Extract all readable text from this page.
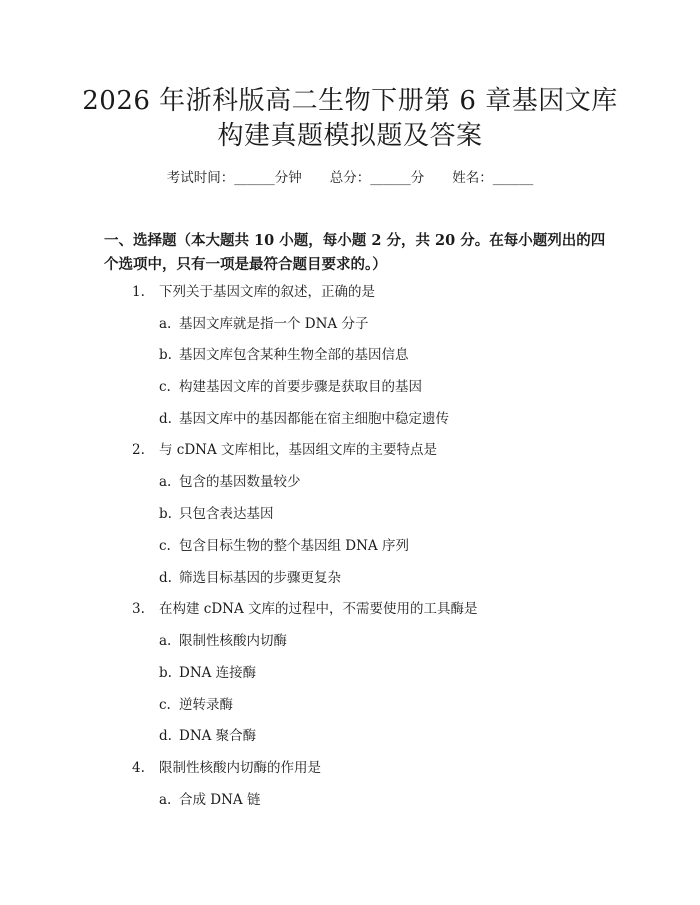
2026 年浙科版高二生物下册第 6 章基因文库
构建真题模拟题及答案
考试时间：______分钟 总分：______分 姓名：______
一、选择题（本大题共 10 小题，每小题 2 分，共 20 分。在每小题列出的四个选项中，只有一项是最符合题目要求的。）
1. 下列关于基因文库的叙述，正确的是
a. 基因文库就是指一个 DNA 分子
b. 基因文库包含某种生物全部的基因信息
c. 构建基因文库的首要步骤是获取目的基因
d. 基因文库中的基因都能在宿主细胞中稳定遗传
2. 与 cDNA 文库相比，基因组文库的主要特点是
a. 包含的基因数量较少
b. 只包含表达基因
c. 包含目标生物的整个基因组 DNA 序列
d. 筛选目标基因的步骤更复杂
3. 在构建 cDNA 文库的过程中，不需要使用的工具酶是
a. 限制性核酸内切酶
b. DNA 连接酶
c. 逆转录酶
d. DNA 聚合酶
4. 限制性核酸内切酶的作用是
a. 合成 DNA 链
